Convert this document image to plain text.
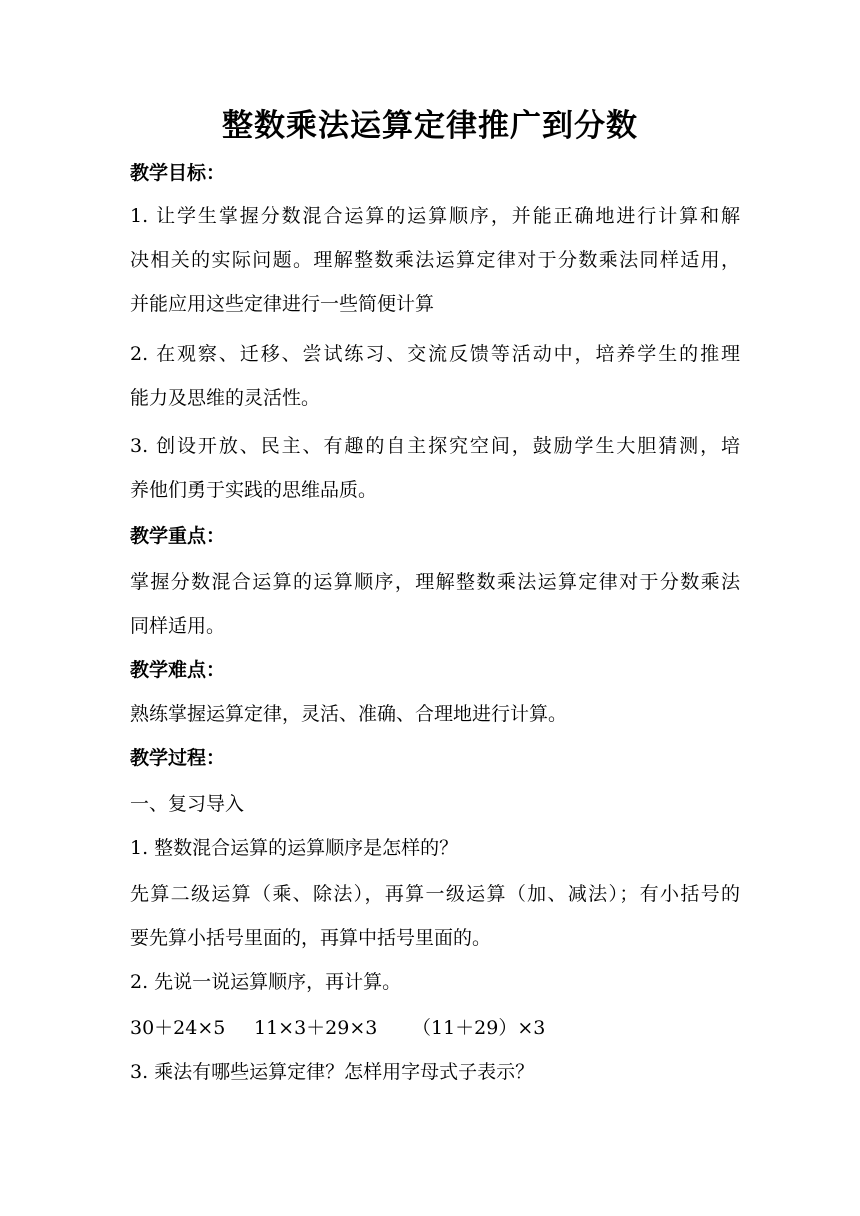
整数乘法运算定律推广到分数
教学目标：
1. 让学生掌握分数混合运算的运算顺序，并能正确地进行计算和解
决相关的实际问题。理解整数乘法运算定律对于分数乘法同样适用，
并能应用这些定律进行一些简便计算
2. 在观察、迁移、尝试练习、交流反馈等活动中，培养学生的推理
能力及思维的灵活性。
3. 创设开放、民主、有趣的自主探究空间，鼓励学生大胆猜测，培
养他们勇于实践的思维品质。
教学重点：
掌握分数混合运算的运算顺序，理解整数乘法运算定律对于分数乘法
同样适用。
教学难点：
熟练掌握运算定律，灵活、准确、合理地进行计算。
教学过程：
一、复习导入
1. 整数混合运算的运算顺序是怎样的？
先算二级运算（乘、除法），再算一级运算（加、减法）；有小括号的
要先算小括号里面的，再算中括号里面的。
2. 先说一说运算顺序，再计算。
30＋24×5 11×3＋29×3 （11＋29）×3
3. 乘法有哪些运算定律？怎样用字母式子表示？
